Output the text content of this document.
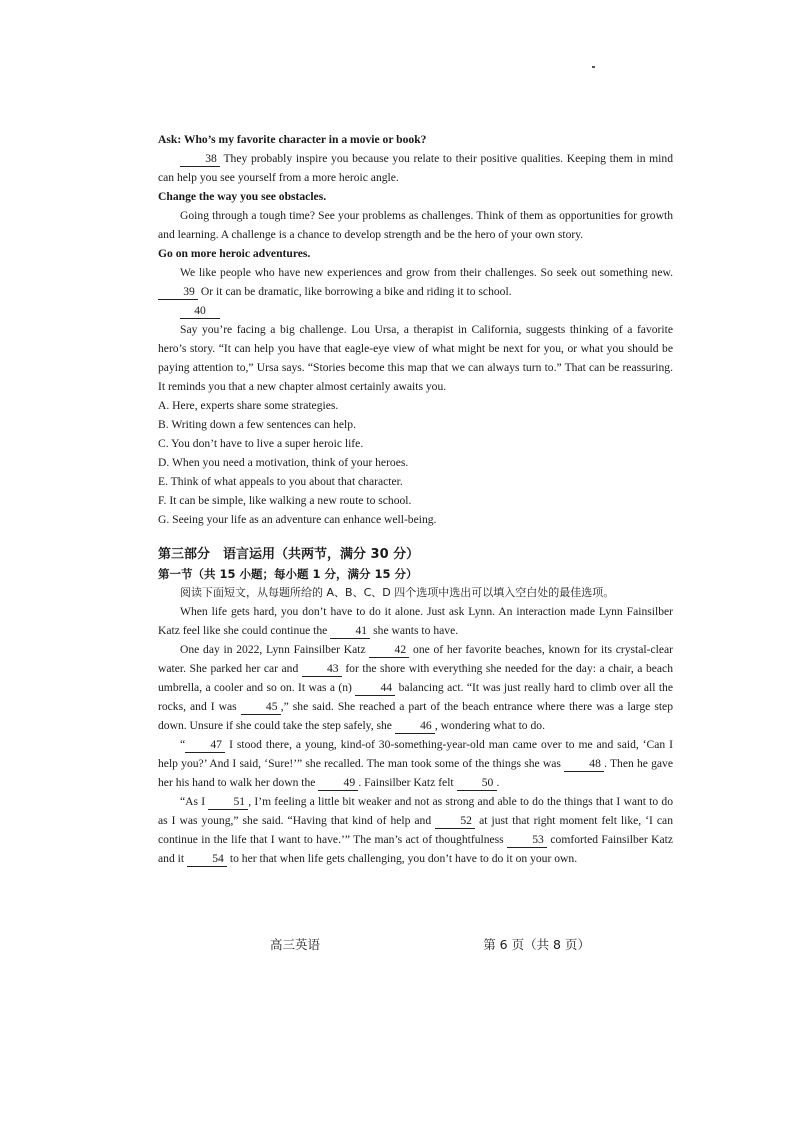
Ask: Who’s my favorite character in a movie or book?

38 They probably inspire you because you relate to their positive qualities. Keeping them in mind can help you see yourself from a more heroic angle.

Change the way you see obstacles.

Going through a tough time? See your problems as challenges. Think of them as opportunities for growth and learning. A challenge is a chance to develop strength and be the hero of your own story.

Go on more heroic adventures.

We like people who have new experiences and grow from their challenges. So seek out something new. 39 Or it can be dramatic, like borrowing a bike and riding it to school.

40

Say you’re facing a big challenge. Lou Ursa, a therapist in California, suggests thinking of a favorite hero’s story. “It can help you have that eagle-eye view of what might be next for you, or what you should be paying attention to,” Ursa says. “Stories become this map that we can always turn to.” That can be reassuring. It reminds you that a new chapter almost certainly awaits you.

A. Here, experts share some strategies.
B. Writing down a few sentences can help.
C. You don’t have to live a super heroic life.
D. When you need a motivation, think of your heroes.
E. Think of what appeals to you about that character.
F. It can be simple, like walking a new route to school.
G. Seeing your life as an adventure can enhance well-being.

第三部分　语言运用（共两节，满分 30 分）

第一节（共 15 小题；每小题 1 分，满分 15 分）

阅读下面短文，从每题所给的 A、B、C、D 四个选项中选出可以填入空白处的最佳选项。

When life gets hard, you don’t have to do it alone. Just ask Lynn. An interaction made Lynn Fainsilber Katz feel like she could continue the 41 she wants to have.

One day in 2022, Lynn Fainsilber Katz 42 one of her favorite beaches, known for its crystal-clear water. She parked her car and 43 for the shore with everything she needed for the day: a chair, a beach umbrella, a cooler and so on. It was a (n) 44 balancing act. “It was just really hard to climb over all the rocks, and I was 45 ,” she said. She reached a part of the beach entrance where there was a large step down. Unsure if she could take the step safely, she 46 , wondering what to do.

“ 47 I stood there, a young, kind-of 30-something-year-old man came over to me and said, ‘Can I help you?’ And I said, ‘Sure!’” she recalled. The man took some of the things she was 48 . Then he gave her his hand to walk her down the 49 . Fainsilber Katz felt 50 .

“As I 51 , I’m feeling a little bit weaker and not as strong and able to do the things that I want to do as I was young,” she said. “Having that kind of help and 52 at just that right moment felt like, ‘I can continue in the life that I want to have.’” The man’s act of thoughtfulness 53 comforted Fainsilber Katz and it 54 to her that when life gets challenging, you don’t have to do it on your own.

高三英语	第 6 页（共 8 页）
